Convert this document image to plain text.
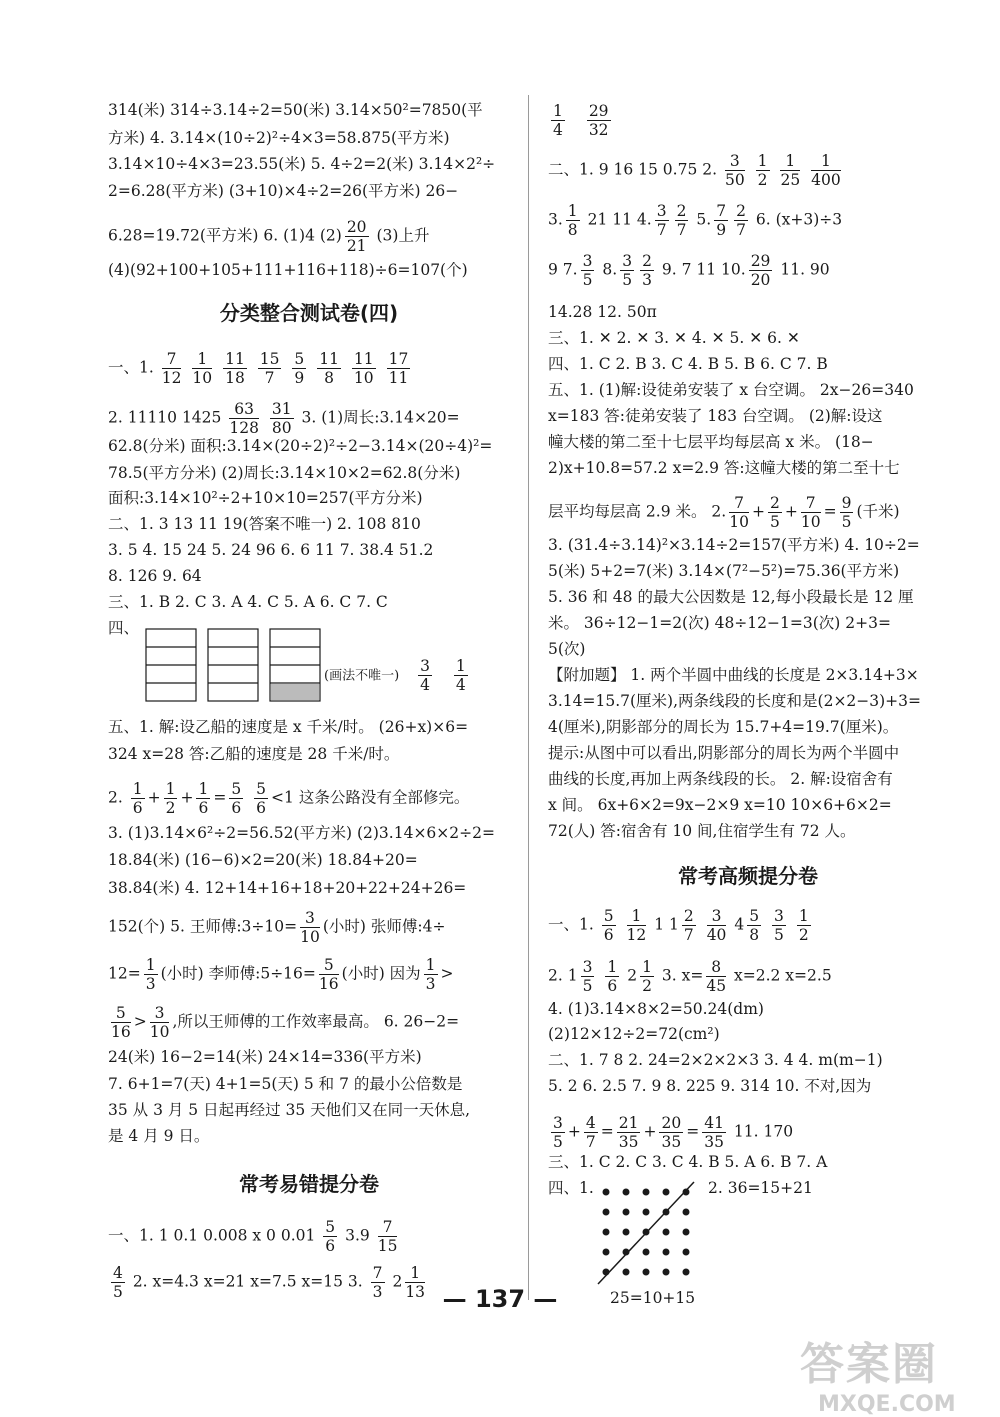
314(米) 314÷3.14÷2=50(米) 3.14×50²=7850(平
方米) 4. 3.14×(10÷2)²÷4×3=58.875(平方米)
3.14×10÷4×3=23.55(米) 5. 4÷2=2(米) 3.14×2²÷
2=6.28(平方米) (3+10)×4÷2=26(平方米) 26−
6.28=19.72(平方米) 6. (1)4 $(2) \frac{20}{21} (3)$上升
(4)(92+100+105+111+116+118)÷6=107(个)
分类整合测试卷(四)
一、1. $\frac{7}{12}$
$\frac{1}{10}$
$\frac{11}{18}$
$\frac{15}{7}$
$\frac{5}{9}$
$\frac{11}{8}$
$\frac{11}{10}$
$\frac{17}{11}$
2. 11110 $1425 \frac{63}{128}$
$\frac{31}{80} 3$. (1)周长:3.14×20=
62.8(分米) 面积:3.14×(20÷2)²÷2−3.14×(20÷4)²=
78.5(平方分米) (2)周长:3.14×10×2=62.8(分米)
面积:3.14×10²÷2+10×10=257(平方分米)
二、1. 3 13 11 19(答案不唯一) 2. 108 810
3. 5 4. 15 24 5. 24 96 6. 6 11 7. 38.4 51.2
8. 126 9. 64
三、1. B 2. C 3. A 4. C 5. A 6. C 7. C
四、
(画法不唯一) $\frac{3}{4}$
$\frac{1}{4}$
五、1. 解:设乙船的速度是 x 千米/时。 (26+x)×6=
324 x=28 答:乙船的速度是 28 千米/时。
2. $\frac{1}{6} + \frac{1}{2} + \frac{1}{6} = \frac{5}{6}$
$\frac{5}{6} <1$ 这条公路没有全部修完。
3. (1)3.14×6²÷2=56.52(平方米) (2)3.14×6×2÷2=
18.84(米) (16−6)×2=20(米) 18.84+20=
38.84(米) 4. 12+14+16+18+20+22+24+26=
152(个) 5. 王师傅:3÷10= $\frac{3}{10}$ (小时) 张师傅:4÷
$12= \frac{1}{3}$ (小时) 李师傅:5÷16= $\frac{5}{16}$ (小时) 因为 $\frac{1}{3}$ >
$\frac{5}{16} > \frac{3}{10}$ ,所以王师傅的工作效率最高。 6. 26−2=
24(米) 16−2=14(米) 24×14=336(平方米)
7. 6+1=7(天) 4+1=5(天) 5 和 7 的最小公倍数是
35 从 3 月 5 日起再经过 35 天他们又在同一天休息,
是 4 月 9 日。
常考易错提分卷
一、1. 1 0.1 0.008 x 0 $0.01 \frac{5}{6} 3.9 \frac{7}{15}$
$\frac{4}{5} 2$. x=4.3 x=21 x=7.5 x=15 3. $\frac{7}{3} 2 \frac{1}{13}$
$\frac{1}{4}$
$\frac{29}{32}$
二、1. 9 16 15 0.75 2. $\frac{3}{50}$
$\frac{1}{2}$
$\frac{1}{25}$
$\frac{1}{400}$
3. $\frac{1}{8} 21$ 11 4. $\frac{3}{7} \frac{2}{7} 5$. $\frac{7}{9} \frac{2}{7} 6$. (x+3)÷3
9 7. $\frac{3}{5} 8$. $\frac{3}{5} \frac{2}{3} 9$. 7 11 10. $\frac{29}{20} 11$. 90
14.28 12. 50π
三、1. ✕ 2. ✕ 3. ✕ 4. ✕ 5. ✕ 6. ✕
四、1. C 2. B 3. C 4. B 5. B 6. C 7. B
五、1. (1)解:设徒弟安装了 x 台空调。 2x−26=340
x=183 答:徒弟安装了 183 台空调。 (2)解:设这
幢大楼的第二至十七层平均每层高 x 米。 (18−
2)x+10.8=57.2 x=2.9 答:这幢大楼的第二至十七
层平均每层高 2.9 米。 2. $\frac{7}{10} + \frac{2}{5} + \frac{7}{10} = \frac{9}{5}$ (千米)
3. (31.4÷3.14)²×3.14÷2=157(平方米) 4. 10÷2=
5(米) 5+2=7(米) 3.14×(7²−5²)=75.36(平方米)
5. 36 和 48 的最大公因数是 12,每小段最长是 12 厘
米。 36÷12−1=2(次) 48÷12−1=3(次) 2+3=
5(次)
【附加题】 1. 两个半圆中曲线的长度是 2×3.14+3×
3.14=15.7(厘米),两条线段的长度和是(2×2−3)+3=
4(厘米),阴影部分的周长为 15.7+4=19.7(厘米)。
提示:从图中可以看出,阴影部分的周长为两个半圆中
曲线的长度,再加上两条线段的长。 2. 解:设宿舍有
x 间。 6x+6×2=9x−2×9 x=10 10×6+6×2=
72(人) 答:宿舍有 10 间,住宿学生有 72 人。
常考高频提分卷
一、1. $\frac{5}{6}$
$\frac{1}{12} 1$ $1 \frac{2}{7}$
$\frac{3}{40} 4 \frac{5}{8}$
$\frac{3}{5}$
$\frac{1}{2}$
2. $1 \frac{3}{5}$
$\frac{1}{6} 2 \frac{1}{2} 3$. $x= \frac{8}{45} x=2.2$ x=2.5
4. (1)3.14×8×2=50.24(dm)
(2)12×12÷2=72(cm²)
二、1. 7 8 2. 24=2×2×2×3 3. 4 4. m(m−1)
5. 2 6. 2.5 7. 9 8. 225 9. 314 10. 不对,因为
$\frac{3}{5} + \frac{4}{7} = \frac{21}{35} + \frac{20}{35} = \frac{41}{35} 11$. 170
三、1. C 2. C 3. C 4. B 5. A 6. B 7. A
四、1.	2. 36=15+21
25=10+15
— 137 —
答案圈
MXQE.COM
